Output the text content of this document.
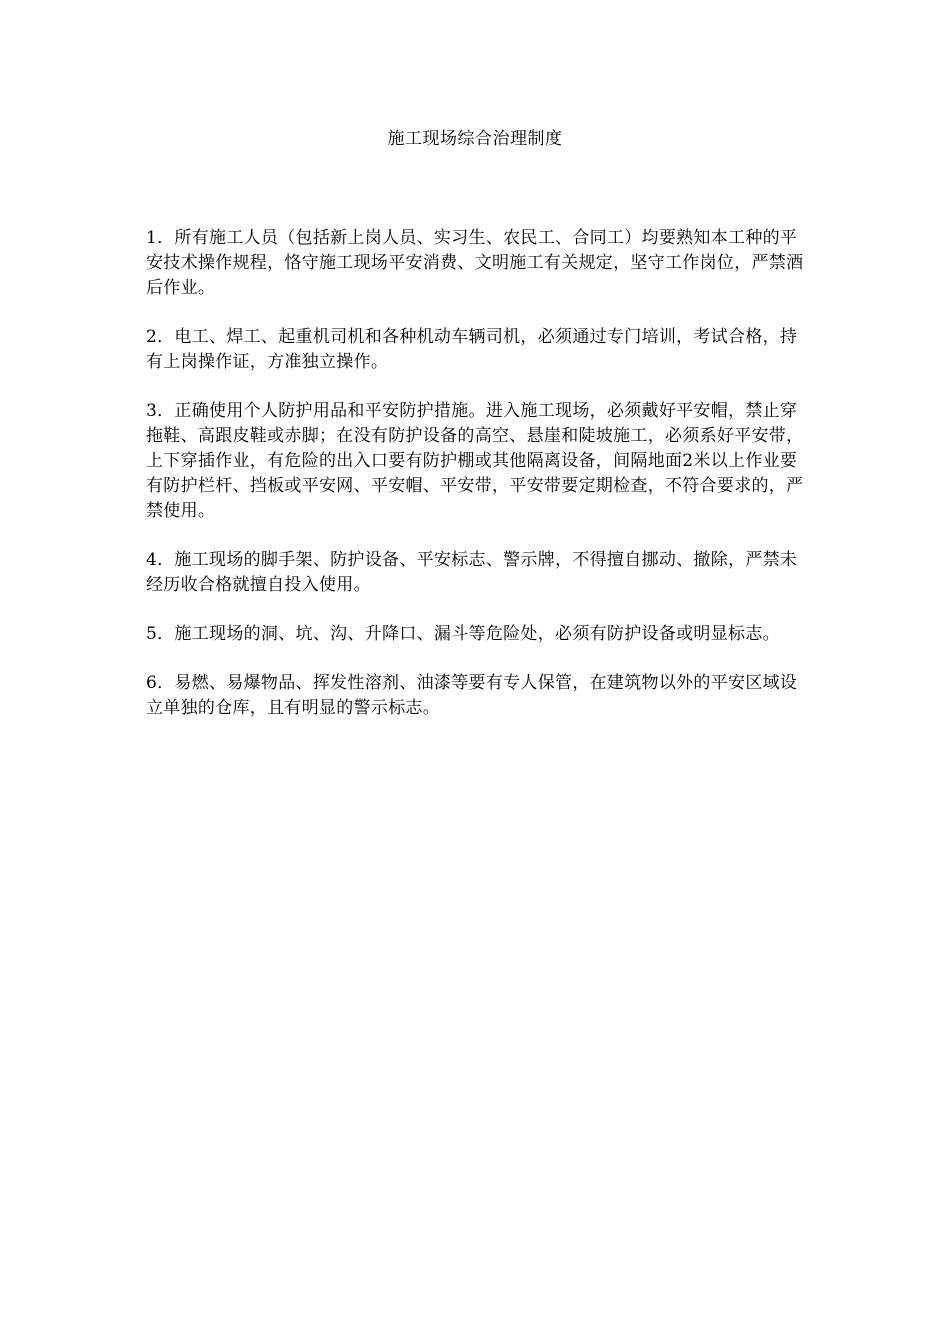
施工现场综合治理制度

1．所有施工人员（包括新上岗人员、实习生、农民工、合同工）均要熟知本工种的平安技术操作规程，恪守施工现场平安消费、文明施工有关规定，坚守工作岗位，严禁酒后作业。

2．电工、焊工、起重机司机和各种机动车辆司机，必须通过专门培训，考试合格，持有上岗操作证，方准独立操作。

3．正确使用个人防护用品和平安防护措施。进入施工现场，必须戴好平安帽，禁止穿拖鞋、高跟皮鞋或赤脚；在没有防护设备的高空、悬崖和陡坡施工，必须系好平安带，上下穿插作业，有危险的出入口要有防护棚或其他隔离设备，间隔地面2米以上作业要有防护栏杆、挡板或平安网、平安帽、平安带，平安带要定期检查，不符合要求的，严禁使用。

4．施工现场的脚手架、防护设备、平安标志、警示牌，不得擅自挪动、撤除，严禁未经历收合格就擅自投入使用。

5．施工现场的洞、坑、沟、升降口、漏斗等危险处，必须有防护设备或明显标志。

6．易燃、易爆物品、挥发性溶剂、油漆等要有专人保管，在建筑物以外的平安区域设立单独的仓库，且有明显的警示标志。
